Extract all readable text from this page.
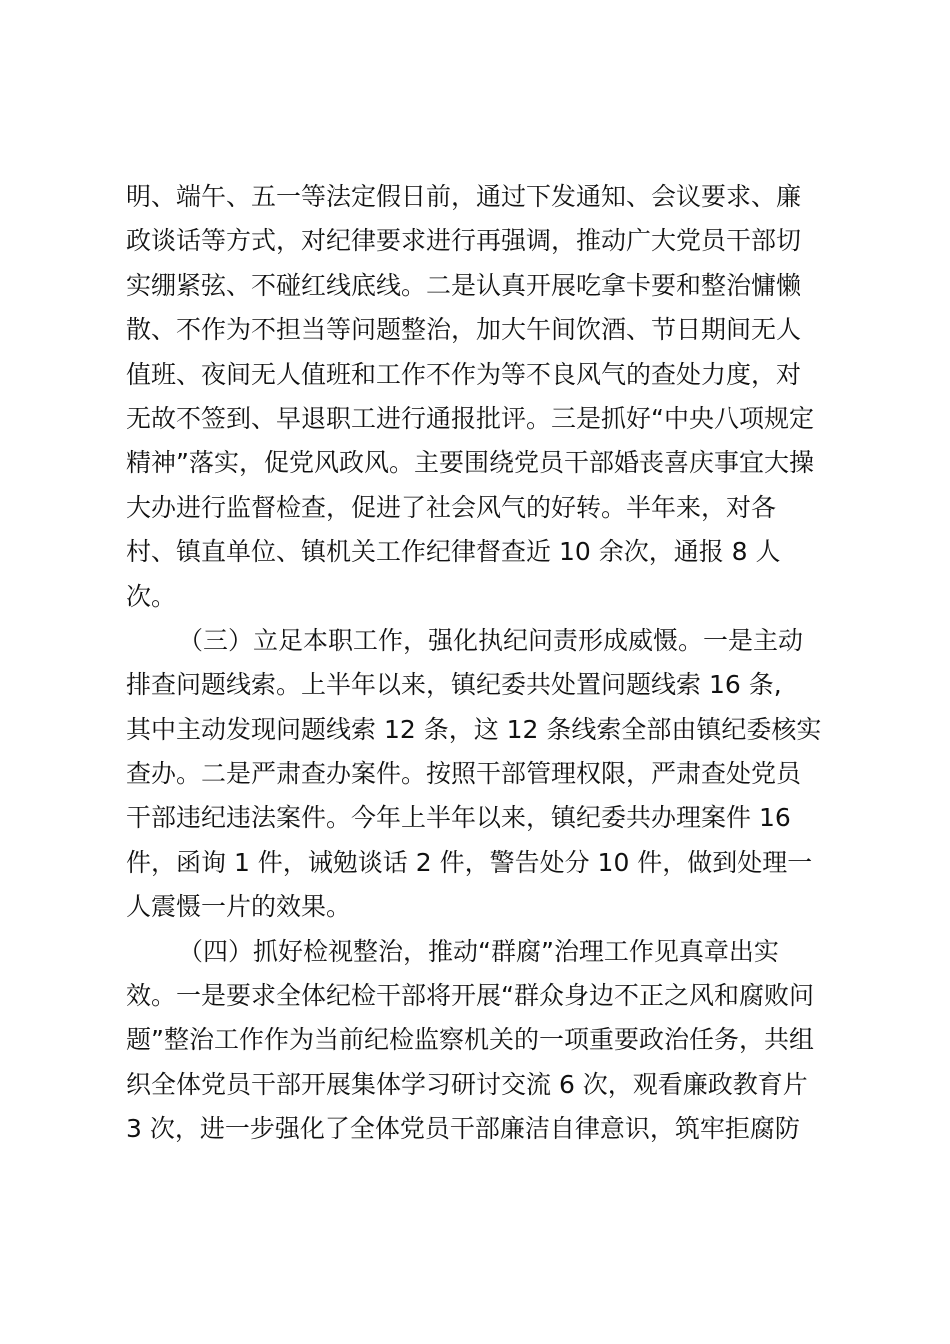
明、端午、五一等法定假日前，通过下发通知、会议要求、廉
政谈话等方式，对纪律要求进行再强调，推动广大党员干部切
实绷紧弦、不碰红线底线。二是认真开展吃拿卡要和整治慵懒
散、不作为不担当等问题整治，加大午间饮酒、节日期间无人
值班、夜间无人值班和工作不作为等不良风气的查处力度，对
无故不签到、早退职工进行通报批评。三是抓好“中央八项规定
精神”落实，促党风政风。主要围绕党员干部婚丧喜庆事宜大操
大办进行监督检查，促进了社会风气的好转。半年来，对各
村、镇直单位、镇机关工作纪律督查近 10 余次，通报 8 人
次。
（三）立足本职工作，强化执纪问责形成威慑。一是主动
排查问题线索。上半年以来，镇纪委共处置问题线索 16 条,
其中主动发现问题线索 12 条，这 12 条线索全部由镇纪委核实
查办。二是严肃查办案件。按照干部管理权限，严肃查处党员
干部违纪违法案件。今年上半年以来，镇纪委共办理案件 16
件，函询 1 件，诫勉谈话 2 件，警告处分 10 件，做到处理一
人震慑一片的效果。
（四）抓好检视整治，推动“群腐”治理工作见真章出实
效。一是要求全体纪检干部将开展“群众身边不正之风和腐败问
题”整治工作作为当前纪检监察机关的一项重要政治任务，共组
织全体党员干部开展集体学习研讨交流 6 次，观看廉政教育片
3 次，进一步强化了全体党员干部廉洁自律意识，筑牢拒腐防
